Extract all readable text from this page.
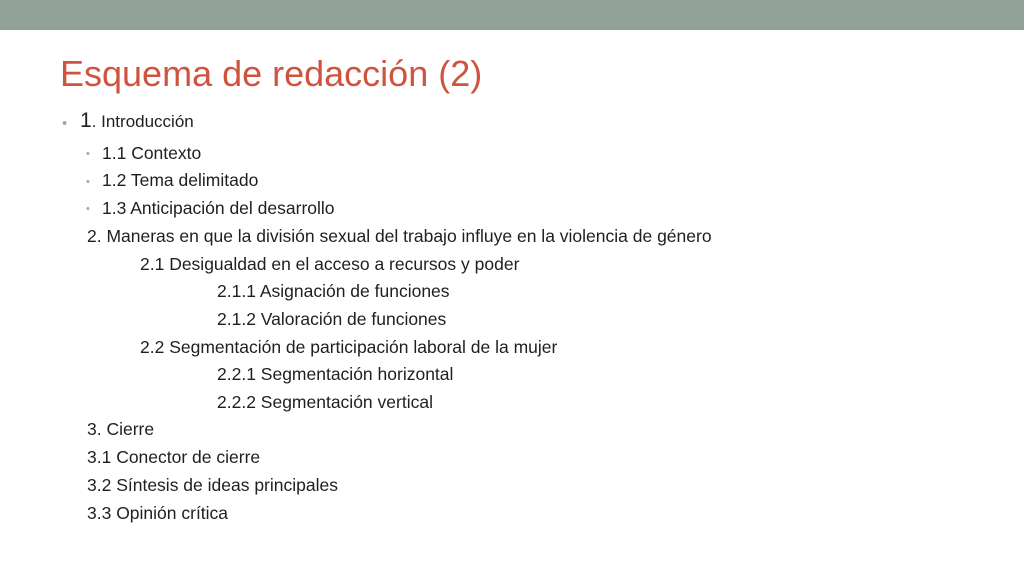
Esquema de redacción (2)
• 1. Introducción
• 1.1 Contexto
• 1.2 Tema delimitado
• 1.3 Anticipación del desarrollo
2. Maneras en que la división sexual del trabajo influye en la violencia de género
2.1 Desigualdad en el acceso a recursos y poder
2.1.1 Asignación de funciones
2.1.2 Valoración de funciones
2.2 Segmentación de participación laboral de la mujer
2.2.1 Segmentación horizontal
2.2.2 Segmentación vertical
3. Cierre
3.1 Conector de cierre
3.2 Síntesis de ideas principales
3.3 Opinión crítica
